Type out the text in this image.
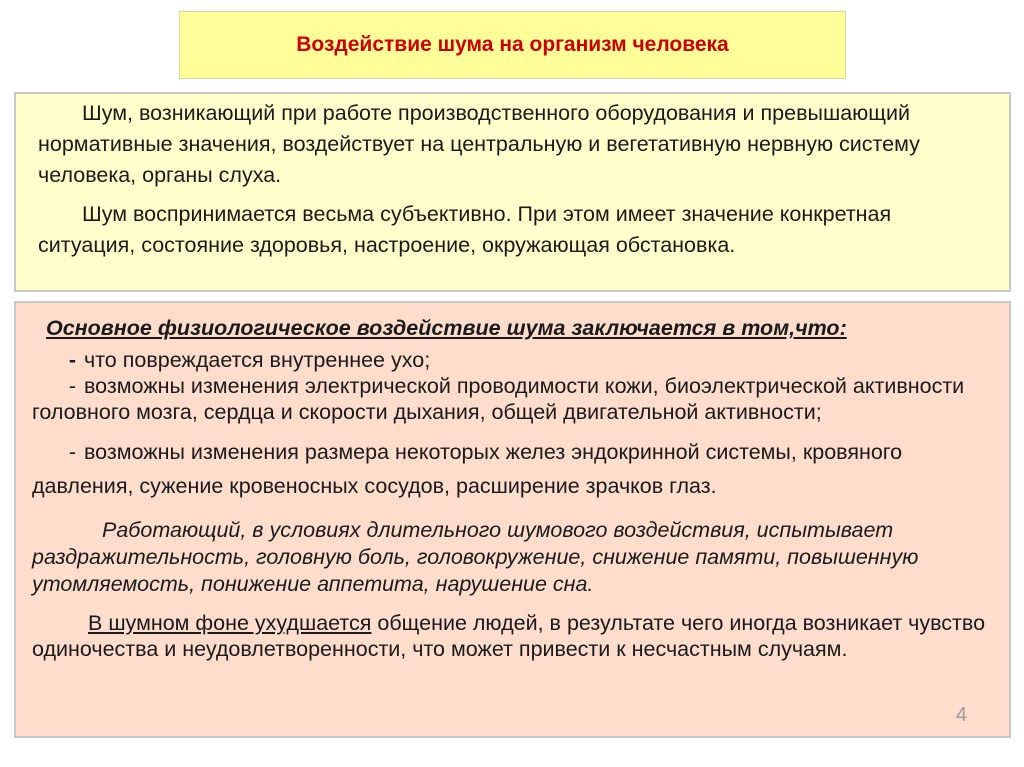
Воздействие шума на организм человека

Шум, возникающий при работе производственного оборудования и превышающий нормативные значения, воздействует на центральную и вегетативную нервную систему человека, органы слуха.

Шум воспринимается весьма субъективно. При этом имеет значение конкретная ситуация, состояние здоровья, настроение, окружающая обстановка.

Основное физиологическое воздействие шума заключается в том,что:

- что повреждается внутреннее ухо;

- возможны изменения электрической проводимости кожи, биоэлектрической активности головного мозга, сердца и скорости дыхания, общей двигательной активности;

- возможны изменения размера некоторых желез эндокринной системы, кровяного давления, сужение кровеносных сосудов, расширение зрачков глаз.

Работающий, в условиях длительного шумового воздействия, испытывает раздражительность, головную боль, головокружение, снижение памяти, повышенную утомляемость, понижение аппетита, нарушение сна.

В шумном фоне ухудшается общение людей, в результате чего иногда возникает чувство одиночества и неудовлетворенности, что может привести к несчастным случаям.

4
